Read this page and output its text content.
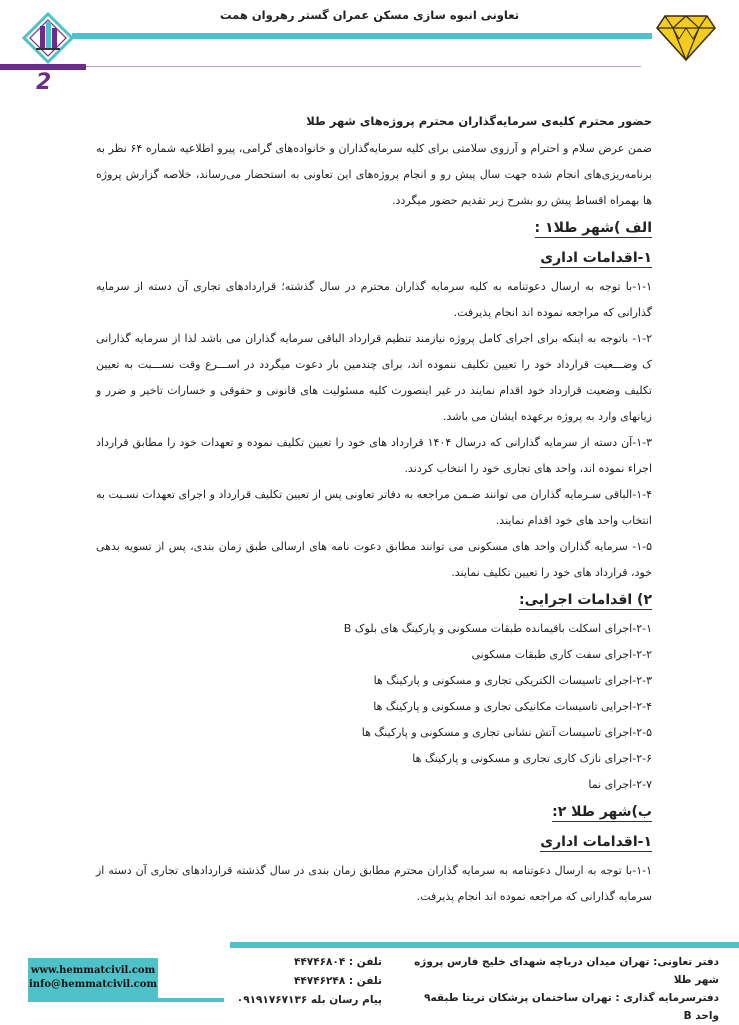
تعاونی انبوه سازی مسکن عمران گستر رهروان همت
2

حضور محترم کلیه‌ی سرمایه‌گذاران محترم پروژه‌های شهر طلا

ضمن عرض سلام و احترام و آرزوی سلامتی برای کلیه سرمایه‌گذاران و خانواده‌های گرامی، پیرو اطلاعیه شماره ۶۴ نظر به برنامه‌ریزی‌های انجام شده جهت سال پیش رو و انجام پروژه‌های این تعاونی به استحضار می‌رساند، خلاصه گزارش پروژه ها بهمراه اقساط پیش رو بشرح زیر تقدیم حضور میگردد.

الف )شهر طلا۱ :

۱-اقدامات اداری

۱-۱-با توجه به ارسال دعوتنامه به کلیه سرمایه گذاران محترم در سال گذشته؛ قراردادهای تجاری آن دسته از سرمایه گذارانی که مراجعه نموده اند انجام پذیرفت.

۱-۲- باتوجه به اینکه برای اجرای کامل پروژه نیازمند تنظیم قرارداد الباقی سرمایه گذاران می باشد لذا از سرمایه گذارانی ک وضـــعیت قرارداد خود را تعیین تکلیف ننموده اند، برای چندمین بار دعوت میگردد در اســـرع وقت نســـبت به تعیین تکلیف وضعیت قرارداد خود اقدام نمایند در غیر اینصورت کلیه مسئولیت های قانونی و حقوقی و خسارات تاخیر و ضرر و زیانهای وارد به پروژه برعهده ایشان می باشد.

۱-۳-آن دسته از سرمایه گذارانی که درسال ۱۴۰۴ قرارداد های خود را تعیین تکلیف نموده و تعهدات خود را مطابق قرارداد اجراء نموده اند، واحد های تجاری خود را انتخاب کردند.

۱-۴-الباقی سـرمایه گذاران می توانند ضـمن مراجعه به دفاتر تعاونی پس از تعیین تکلیف قرارداد و اجرای تعهدات نسـبت به انتخاب واحد های خود اقدام نمایند.

۱-۵- سرمایه گذاران واحد های مسکونی می توانند مطابق دعوت نامه های ارسالی طبق زمان بندی، پس از تسویه بدهی خود، قرارداد های خود را تعیین تکلیف نمایند.

۲) اقدامات اجرایی:

۲-۱-اجرای اسکلت باقیمانده طبقات مسکونی و پارکینگ های بلوک B

۲-۲-اجرای سفت کاری طبقات مسکونی

۲-۳-اجرای تاسیسات الکتریکی تجاری و مسکونی و پارکینگ ها

۲-۴-اجرایی تاسیسات مکانیکی تجاری و مسکونی و پارکینگ ها

۲-۵-اجرای تاسیسات آتش نشانی تجاری و مسکونی و پارکینگ ها

۲-۶-اجرای نازک کاری تجاری و مسکونی و پارکینگ ها

۲-۷-اجرای نما

ب)شهر طلا ۲:

۱-اقدامات اداری

۱-۱-با توجه به ارسال دعوتنامه به سرمایه گذاران محترم مطابق زمان بندی در سال گذشته قراردادهای تجاری آن دسته از سرمایه گذارانی که مراجعه نموده اند انجام پذیرفت.

دفتر تعاونی: تهران میدان دریاچه شهدای خلیج فارس پروژه شهر طلا
دفترسرمایه گذاری : تهران ساختمان پزشکان تریتا طبقه۹ واحد B
تلفن : ۴۴۷۴۶۸۰۴
تلفن : ۴۴۷۴۶۲۴۸
پیام رسان بله ۰۹۱۹۱۷۶۷۱۳۶
www.hemmatcivil.com
info@hemmatcivil.com
